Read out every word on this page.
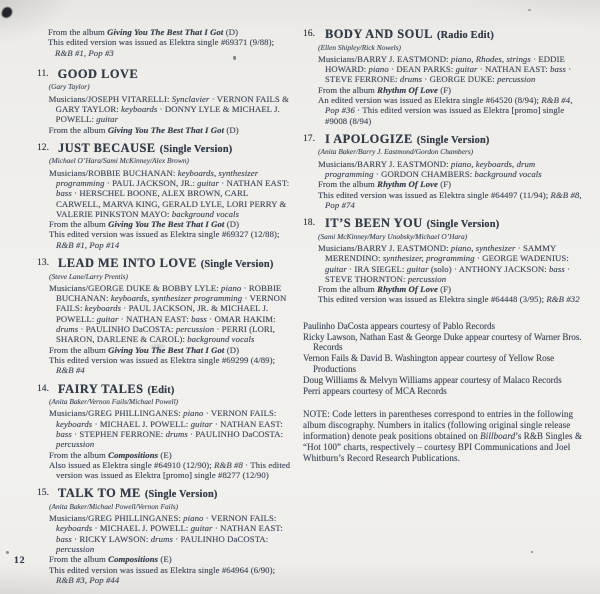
From the album Giving You The Best That I Got (D)
This edited version was issued as Elektra single #69371 (9/88); R&B #1, Pop #3
11. GOOD LOVE
(Gary Taylor)
Musicians/JOSEPH VITARELLI: Synclavier · VERNON FAILS & GARY TAYLOR: keyboards · DONNY LYLE & MICHAEL J. POWELL: guitar
From the album Giving You The Best That I Got (D)
12. JUST BECAUSE (Single Version)
(Michael O’Hara/Sami McKinney/Alex Brown)
Musicians/ROBBIE BUCHANAN: keyboards, synthesizer programming · PAUL JACKSON, JR.: guitar · NATHAN EAST: bass · HERSCHEL BOONE, ALEX BROWN, CARL CARWELL, MARVA KING, GERALD LYLE, LORI PERRY & VALERIE PINKSTON MAYO: background vocals
From the album Giving You The Best That I Got (D)
This edited version was issued as Elektra single #69327 (12/88); R&B #1, Pop #14
13. LEAD ME INTO LOVE (Single Version)
(Steve Lane/Larry Prentis)
Musicians/GEORGE DUKE & BOBBY LYLE: piano · ROBBIE BUCHANAN: keyboards, synthesizer programming · VERNON FAILS: keyboards · PAUL JACKSON, JR. & MICHAEL J. POWELL: guitar · NATHAN EAST: bass · OMAR HAKIM: drums · PAULINHO DaCOSTA: percussion · PERRI (LORI, SHARON, DARLENE & CAROL): background vocals
From the album Giving You The Best That I Got (D)
This edited version was issued as Elektra single #69299 (4/89); R&B #4
14. FAIRY TALES (Edit)
(Anita Baker/Vernon Fails/Michael Powell)
Musicians/GREG PHILLINGANES: piano · VERNON FAILS: keyboards · MICHAEL J. POWELL: guitar · NATHAN EAST: bass · STEPHEN FERRONE: drums · PAULINHO DaCOSTA: percussion
From the album Compositions (E)
Also issued as Elektra single #64910 (12/90); R&B #8 · This edited version was issued as Elektra [promo] single #8277 (12/90)
15. TALK TO ME (Single Version)
(Anita Baker/Michael Powell/Vernon Fails)
Musicians/GREG PHILLINGANES: piano · VERNON FAILS: keyboards · MICHAEL J. POWELL: guitar · NATHAN EAST: bass · RICKY LAWSON: drums · PAULINHO DaCOSTA: percussion
From the album Compositions (E)
This edited version was issued as Elektra single #64964 (6/90); R&B #3, Pop #44
16. BODY AND SOUL (Radio Edit)
(Ellen Shipley/Rick Nowels)
Musicians/BARRY J. EASTMOND: piano, Rhodes, strings · EDDIE HOWARD: piano · DEAN PARKS: guitar · NATHAN EAST: bass · STEVE FERRONE: drums · GEORGE DUKE: percussion
From the album Rhythm Of Love (F)
An edited version was issued as Elektra single #64520 (8/94); R&B #4, Pop #36 · This edited version was issued as Elektra [promo] single #9008 (8/94)
17. I APOLOGIZE (Single Version)
(Anita Baker/Barry J. Eastmond/Gordon Chambers)
Musicians/BARRY J. EASTMOND: piano, keyboards, drum programming · GORDON CHAMBERS: background vocals
From the album Rhythm Of Love (F)
This edited version was issued as Elektra single #64497 (11/94); R&B #8, Pop #74
18. IT’S BEEN YOU (Single Version)
(Sami McKinney/Mary Unobsky/Michael O’Hara)
Musicians/BARRY J. EASTMOND: piano, synthesizer · SAMMY MERENDINO: synthesizer, programming · GEORGE WADENIUS: guitar · IRA SIEGEL: guitar (solo) · ANTHONY JACKSON: bass · STEVE THORNTON: percussion
From the album Rhythm Of Love (F)
This edited version was issued as Elektra single #64448 (3/95); R&B #32

Paulinho DaCosta appears courtesy of Pablo Records

Ricky Lawson, Nathan East & George Duke appear courtesy of Warner Bros. Records

Vernon Fails & David B. Washington appear courtesy of Yellow Rose Productions

Doug Williams & Melvyn Williams appear courtesy of Malaco Records

Perri appears courtesy of MCA Records

NOTE: Code letters in parentheses correspond to entries in the following album discography. Numbers in italics (following original single release information) denote peak positions obtained on Billboard’s R&B Singles & “Hot 100” charts, respectively – courtesy BPI Communications and Joel Whitburn’s Record Research Publications.
12
